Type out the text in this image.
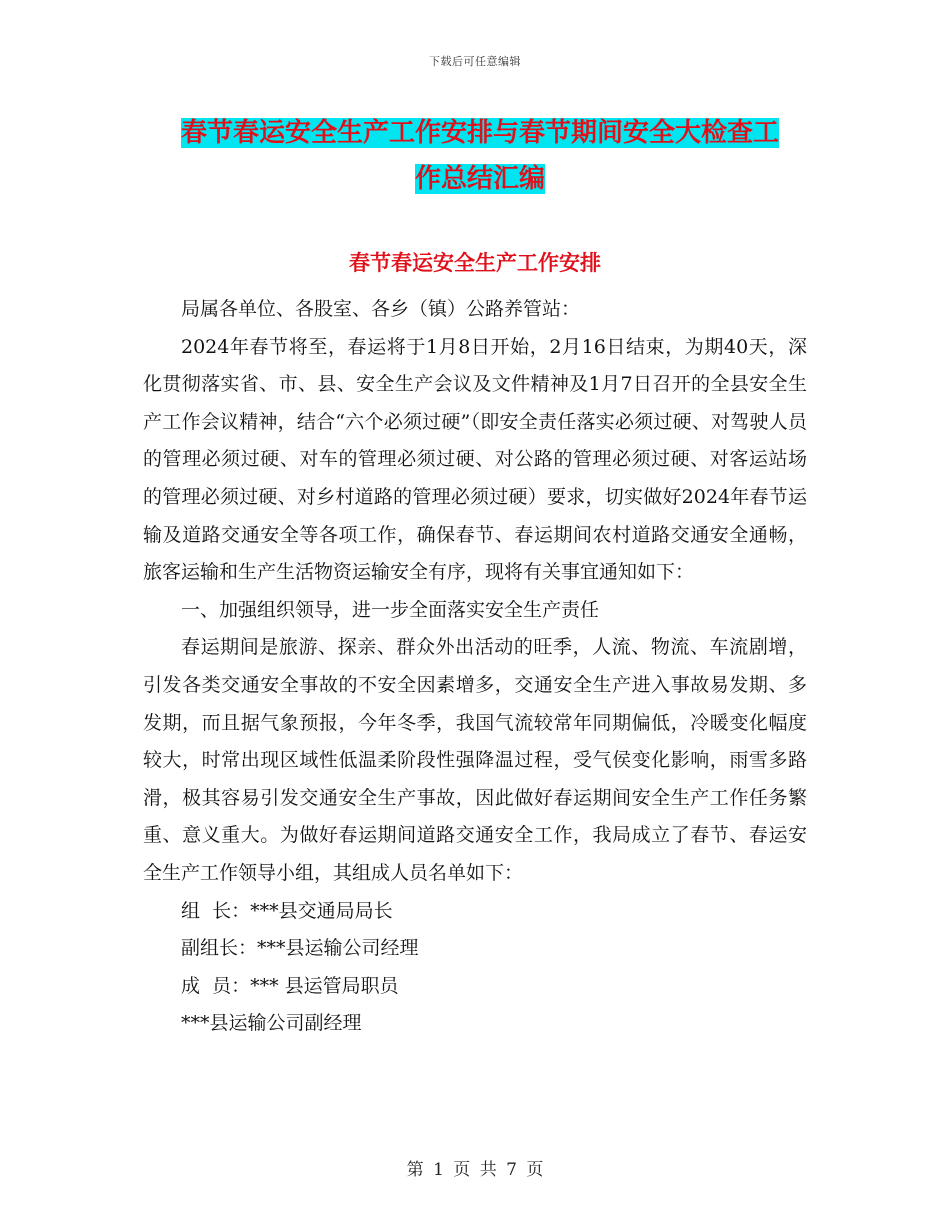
下载后可任意编辑
春节春运安全生产工作安排与春节期间安全大检查工
作总结汇编
春节春运安全生产工作安排

局属各单位、各股室、各乡（镇）公路养管站：

2024年春节将至，春运将于1月8日开始，2月16日结束，为期40天，深化贯彻落实省、市、县、安全生产会议及文件精神及1月7日召开的全县安全生产工作会议精神，结合“六个必须过硬”（即安全责任落实必须过硬、对驾驶人员的管理必须过硬、对车的管理必须过硬、对公路的管理必须过硬、对客运站场的管理必须过硬、对乡村道路的管理必须过硬）要求，切实做好2024年春节运输及道路交通安全等各项工作，确保春节、春运期间农村道路交通安全通畅，旅客运输和生产生活物资运输安全有序，现将有关事宜通知如下：

一、加强组织领导，进一步全面落实安全生产责任

春运期间是旅游、探亲、群众外出活动的旺季，人流、物流、车流剧增，引发各类交通安全事故的不安全因素增多，交通安全生产进入事故易发期、多发期，而且据气象预报，今年冬季，我国气流较常年同期偏低，冷暖变化幅度较大，时常出现区域性低温柔阶段性强降温过程，受气侯变化影响，雨雪多路滑，极其容易引发交通安全生产事故，因此做好春运期间安全生产工作任务繁重、意义重大。为做好春运期间道路交通安全工作，我局成立了春节、春运安全生产工作领导小组，其组成人员名单如下：

组  长：***县交通局局长

副组长：***县运输公司经理

成  员：*** 县运管局职员

***县运输公司副经理

第 1 页 共 7 页
